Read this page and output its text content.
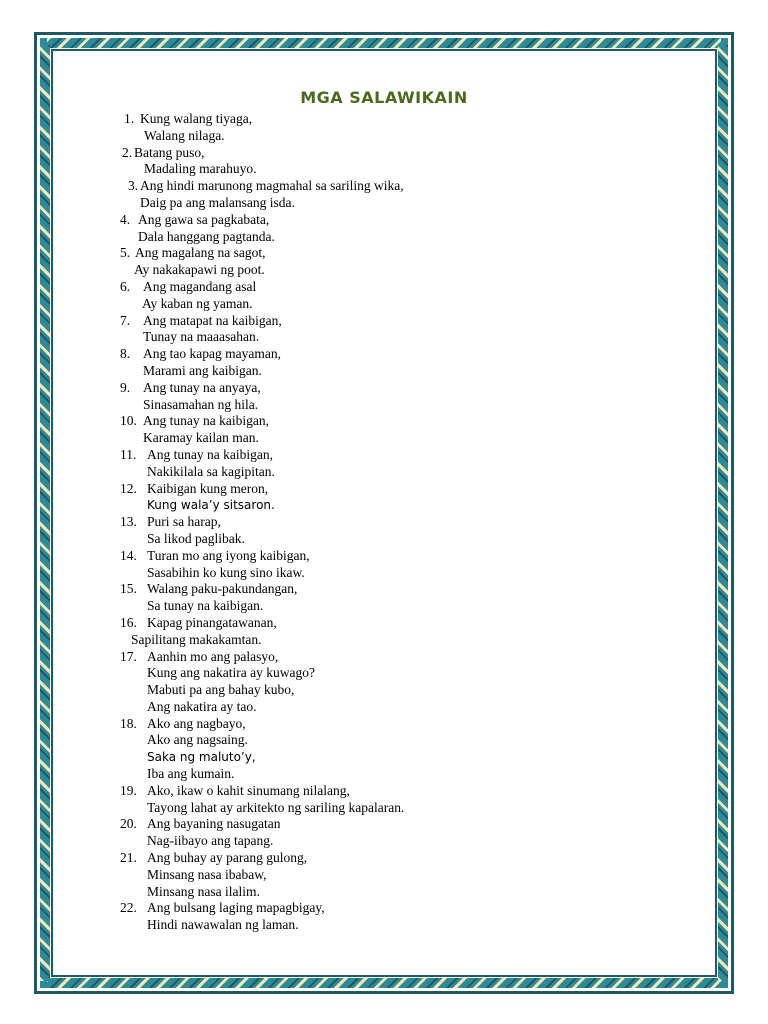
MGA SALAWIKAIN
1. Kung walang tiyaga,
Walang nilaga.
2. Batang puso,
Madaling marahuyo.
3. Ang hindi marunong magmahal sa sariling wika,
Daig pa ang malansang isda.
4. Ang gawa sa pagkabata,
Dala hanggang pagtanda.
5. Ang magalang na sagot,
Ay nakakapawi ng poot.
6. Ang magandang asal
Ay kaban ng yaman.
7. Ang matapat na kaibigan,
Tunay na maaasahan.
8. Ang tao kapag mayaman,
Marami ang kaibigan.
9. Ang tunay na anyaya,
Sinasamahan ng hila.
10. Ang tunay na kaibigan,
Karamay kailan man.
11. Ang tunay na kaibigan,
Nakikilala sa kagipitan.
12. Kaibigan kung meron,
Kung wala’y sitsaron.
13. Puri sa harap,
Sa likod paglibak.
14. Turan mo ang iyong kaibigan,
Sasabihin ko kung sino ikaw.
15. Walang paku-pakundangan,
Sa tunay na kaibigan.
16. Kapag pinangatawanan,
Sapilitang makakamtan.
17. Aanhin mo ang palasyo,
Kung ang nakatira ay kuwago?
Mabuti pa ang bahay kubo,
Ang nakatira ay tao.
18. Ako ang nagbayo,
Ako ang nagsaing.
Saka ng maluto’y,
Iba ang kumain.
19. Ako, ikaw o kahit sinumang nilalang,
Tayong lahat ay arkitekto ng sariling kapalaran.
20. Ang bayaning nasugatan
Nag-iibayo ang tapang.
21. Ang buhay ay parang gulong,
Minsang nasa ibabaw,
Minsang nasa ilalim.
22. Ang bulsang laging mapagbigay,
Hindi nawawalan ng laman.
